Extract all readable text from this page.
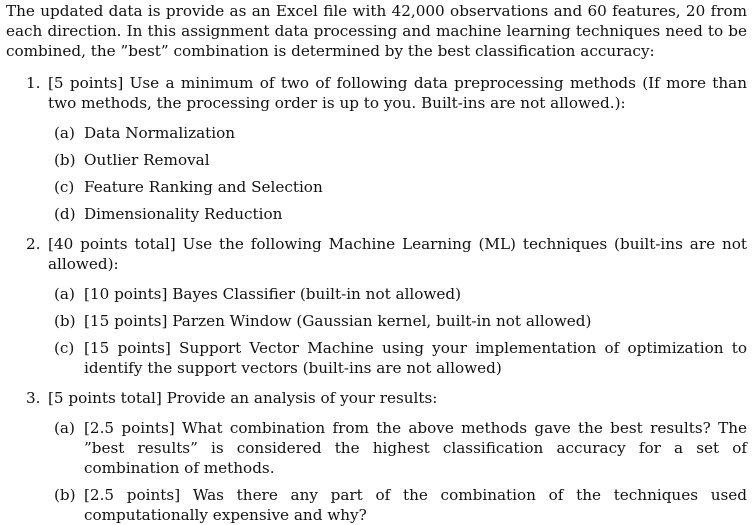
The updated data is provide as an Excel file with 42,000 observations and 60 features, 20 from each direction. In this assignment data processing and machine learning techniques need to be combined, the ”best” combination is determined by the best classification accuracy:

1. [5 points] Use a minimum of two of following data preprocessing methods (If more than two methods, the processing order is up to you. Built-ins are not allowed.):
(a) Data Normalization
(b) Outlier Removal
(c) Feature Ranking and Selection
(d) Dimensionality Reduction
2. [40 points total] Use the following Machine Learning (ML) techniques (built-ins are not allowed):
(a) [10 points] Bayes Classifier (built-in not allowed)
(b) [15 points] Parzen Window (Gaussian kernel, built-in not allowed)
(c) [15 points] Support Vector Machine using your implementation of optimization to identify the support vectors (built-ins are not allowed)
3. [5 points total] Provide an analysis of your results:
(a) [2.5 points] What combination from the above methods gave the best results? The ”best results” is considered the highest classification accuracy for a set of combination of methods.
(b) [2.5 points] Was there any part of the combination of the techniques used computationally expensive and why?
